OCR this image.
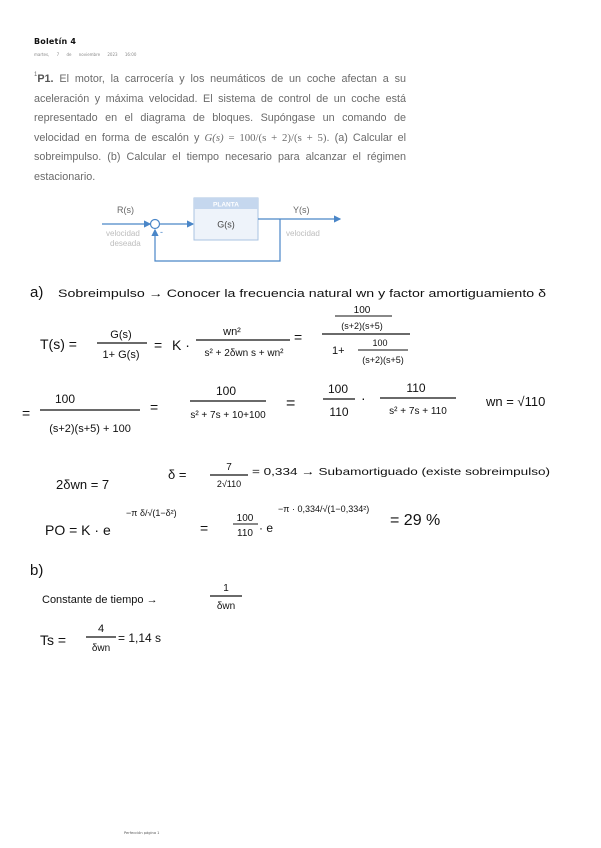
Boletín 4
martes, 7 de noviembre 2023 16:00
$^1$P1. El motor, la carrocería y los neumáticos de un coche afectan a su aceleración y máxima velocidad. El sistema de control de un coche está representado en el diagrama de bloques. Supóngase un comando de velocidad en forma de escalón y G(s) = 100/(s + 2)/(s + 5). (a) Calcular el sobreimpulso. (b) Calcular el tiempo necesario para alcanzar el régimen estacionario.
R(s)
-
PLANTA
G(s)
Y(s)
velocidad
velocidad
deseada
a) Sobreimpulso → Conocer la frecuencia natural wn y factor amortiguamiento δ
T(s) =
G(s)
1+ G(s)
= K ·
wn²
s² + 2δwn s + wn²
=
100
(s+2)(s+5)
1+
100
(s+2)(s+5)
=
100
(s+2)(s+5) + 100
=
100
s² + 7s + 10+100
=
100
110
·
110
s² + 7s + 110
wn = √110
2δwn = 7
δ =	7
2√110
= 0,334 → Subamortiguado (existe sobreimpulso)
PO = K · e
−π δ/√(1−δ²)
=
100
110 · e
−π · 0,334/√(1−0,334²)
= 29 %
b)
Constante de tiempo →
1
δwn
Ts =
4
δwn
= 1,14 s
Perfección página 1
